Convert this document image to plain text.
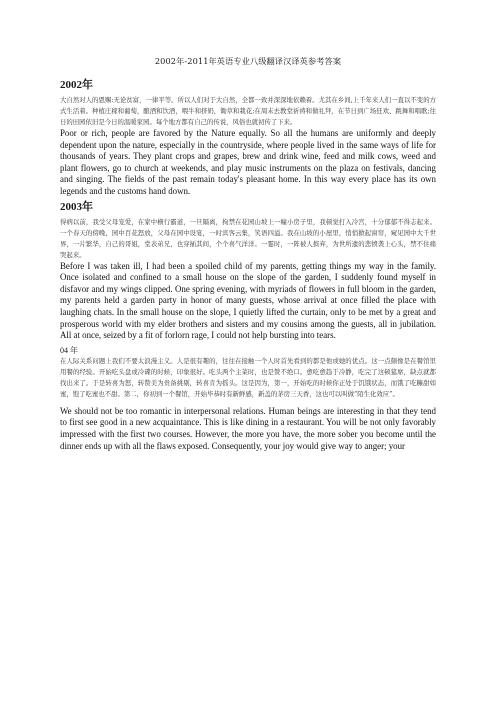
2002年-2011年英语专业八级翻译汉译英参考答案
2002年

大自然对人的恩赐:无论贫富，一律平等。所以人们对于大自然，全都一致并深深地依赖着。尤其在乡间,上千年来人们一直以不变的方式生活着。种植庄稼和葡萄，酿酒和饮酒，喂牛和挤奶，锄草和栽花;在周末去教堂祈祷和做礼拜，在节日到广场狂欢、跳舞和唱歌;往日的田园依旧是今日的温暖家园。每个地方都有自己的传说，风俗也就初传了下来。

Poor or rich, people are favored by the Nature equally. So all the humans are uniformly and deeply dependent upon the nature, especially in the countryside, where people lived in the same ways of life for thousands of years. They plant crops and grapes, brew and drink wine, feed and milk cows, weed and plant flowers, go to church at weekends, and play music instruments on the plaza on festivals, dancing and singing. The fields of the past remain today's pleasant home. In this way every place has its own legends and the customs hand down.

2003年

得病以前，我受父母宠爱，在家中横行霸道，一旦隔离，拘禁在花园山坡上一幢小房子里，我顿觉打入冷宫，十分郁郁不得志起来。一个春天的傍晚，园中百花怒放，父母在园中设宴，一时宾客云集，笑语四溢。我在山坡的小屋里，悄悄掀起窗帘，窥见园中大千世界，一片繁华，自己的哥姐，堂表弟兄，也穿插其间，个个喜气洋洋。一霎时，一阵被人摈弃，为世所遗的悲愤袭上心头，禁不住痛哭起来。

Before I was taken ill, I had been a spoiled child of my parents, getting things my way in the family. Once isolated and confined to a small house on the slope of the garden, I suddenly found myself in disfavor and my wings clipped. One spring evening, with myriads of flowers in full bloom in the garden, my parents held a garden party in honor of many guests, whose arrival at once filled the place with laughing chats. In the small house on the slope, I quietly lifted the curtain, only to be met by a great and prosperous world with my elder brothers and sisters and my cousins among the guests, all in jubilation. All at once, seized by a fit of forlorn rage, I could not help bursting into tears.

04 年

在人际关系问题上我们不要太浪漫主义。人是很有趣的，往往在接触一个人时首先看到的都是他或她的优点。这一点颇像是在餐馆里用餐的经验。开始吃头盘或冷碟的时候，印象很好。吃头两个主菜时，也是赞不绝口。愈吃愈趋于冷静，吃完了这顿筵席，缺点就都找出来了。于是转喜为怒，转赞美为贵备挑剔，转喜肯为摇头。这是因为，第一，开始吃的时候你正处于饥饿状态，而饿了吃糠甜如蜜，饱了吃蜜也不甜。第二，你初到一个餐馆，开始毕恭时有新鲜感，新盖的茅房三天香，这也可以叫做“陌生化效应”。

We should not be too romantic in interpersonal relations. Human beings are interesting in that they tend to first see good in a new acquaintance. This is like dining in a restaurant. You will be not only favorably impressed with the first two courses. However, the more you have, the more sober you become until the dinner ends up with all the flaws exposed. Consequently, your joy would give way to anger; your
